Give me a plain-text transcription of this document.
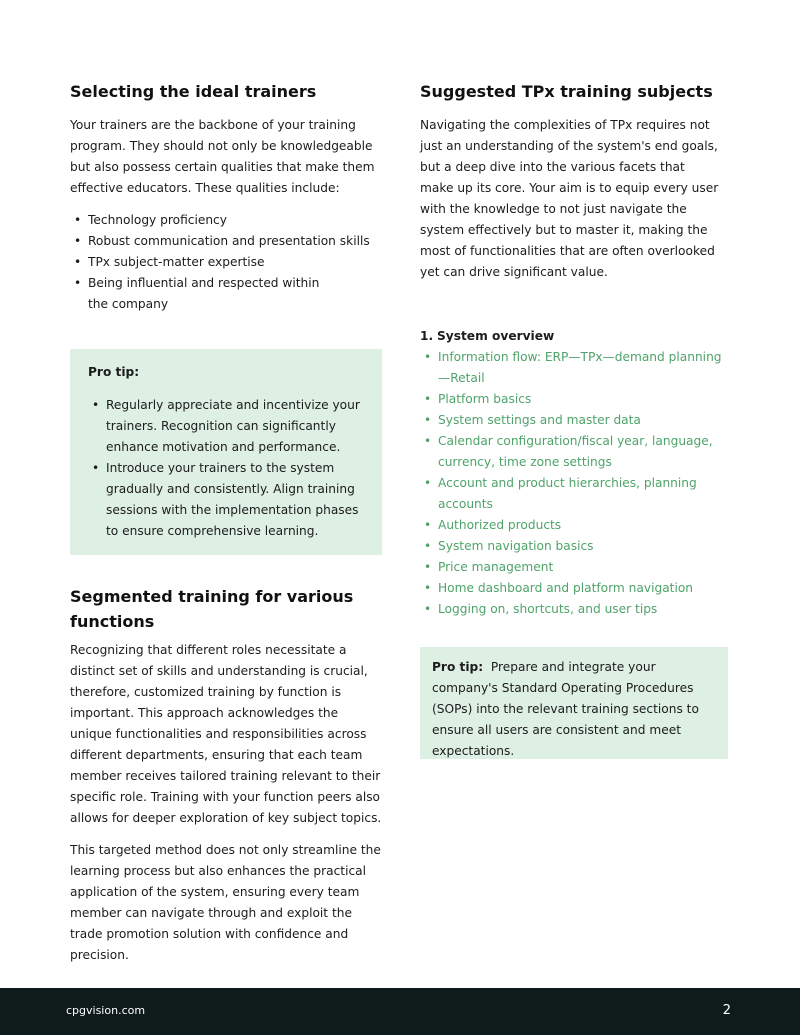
Selecting the ideal trainers

Your trainers are the backbone of your training program. They should not only be knowledgeable but also possess certain qualities that make them effective educators. These qualities include:

• Technology proficiency
• Robust communication and presentation skills
• TPx subject-matter expertise
• Being influential and respected within the company
Pro tip:
• Regularly appreciate and incentivize your trainers. Recognition can significantly enhance motivation and performance.
• Introduce your trainers to the system gradually and consistently. Align training sessions with the implementation phases to ensure comprehensive learning.
Segmented training for various functions

Recognizing that different roles necessitate a distinct set of skills and understanding is crucial, therefore, customized training by function is important. This approach acknowledges the unique functionalities and responsibilities across different departments, ensuring that each team member receives tailored training relevant to their specific role. Training with your function peers also allows for deeper exploration of key subject topics.

This targeted method does not only streamline the learning process but also enhances the practical application of the system, ensuring every team member can navigate through and exploit the trade promotion solution with confidence and precision.

Suggested TPx training subjects

Navigating the complexities of TPx requires not just an understanding of the system's end goals, but a deep dive into the various facets that make up its core. Your aim is to equip every user with the knowledge to not just navigate the system effectively but to master it, making the most of functionalities that are often overlooked yet can drive significant value.

1. System overview
• Information flow: ERP—TPx—demand planning—Retail
• Platform basics
• System settings and master data
• Calendar configuration/fiscal year, language, currency, time zone settings
• Account and product hierarchies, planning accounts
• Authorized products
• System navigation basics
• Price management
• Home dashboard and platform navigation
• Logging on, shortcuts, and user tips

Pro tip: Prepare and integrate your company's Standard Operating Procedures (SOPs) into the relevant training sections to ensure all users are consistent and meet expectations.

cpgvision.com	2
